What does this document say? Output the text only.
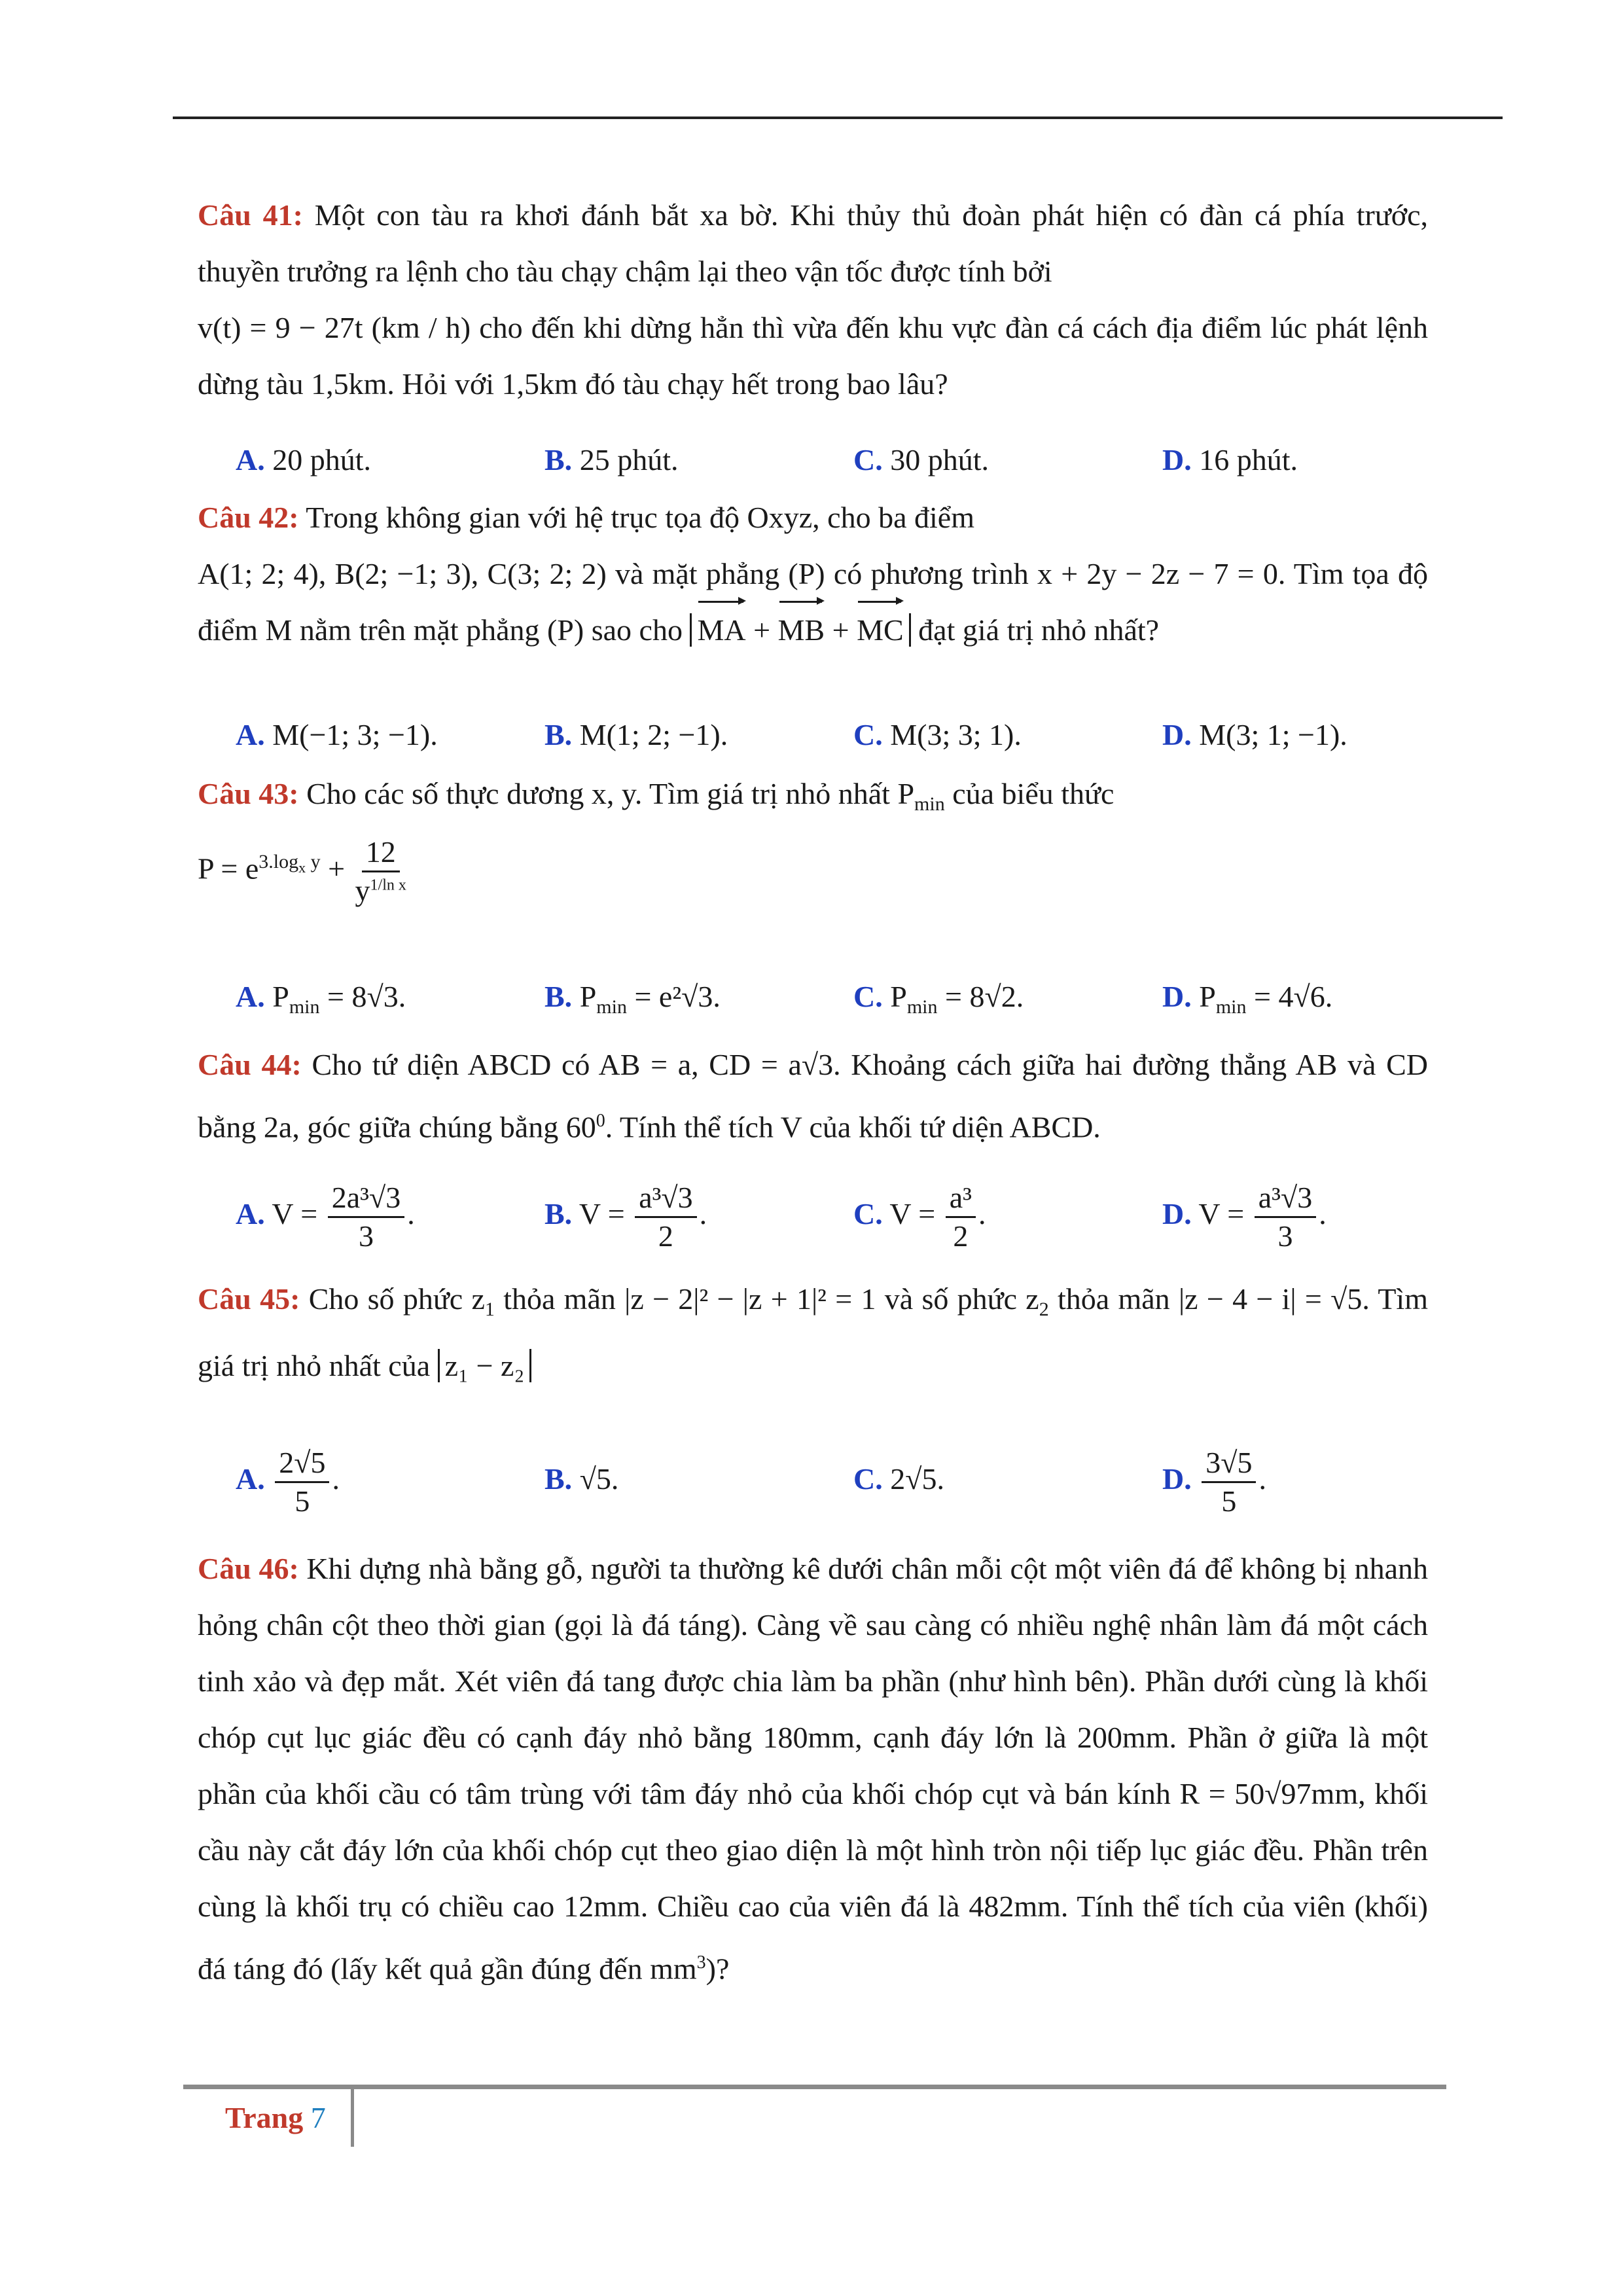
Câu 41: Một con tàu ra khơi đánh bắt xa bờ. Khi thủy thủ đoàn phát hiện có đàn cá phía trước, thuyền trưởng ra lệnh cho tàu chạy chậm lại theo vận tốc được tính bởi
v(t) = 9 − 27t (km / h) cho đến khi dừng hẳn thì vừa đến khu vực đàn cá cách địa điểm lúc phát lệnh dừng tàu 1,5km. Hỏi với 1,5km đó tàu chạy hết trong bao lâu?

A. 20 phút.	B. 25 phút.	C. 30 phút.	D. 16 phút.

Câu 42: Trong không gian với hệ trục tọa độ Oxyz, cho ba điểm
A(1; 2; 4), B(2; −1; 3), C(3; 2; 2) và mặt phẳng (P) có phương trình x + 2y − 2z − 7 = 0. Tìm tọa độ điểm M nằm trên mặt phẳng (P) sao cho MA + MB + MC đạt giá trị nhỏ nhất?

A. M(−1; 3; −1).	B. M(1; 2; −1).	C. M(3; 3; 1).	D. M(3; 1; −1).

Câu 43: Cho các số thực dương x, y. Tìm giá trị nhỏ nhất $P_{min}$ của biểu thức

$P = e^{3.log_x y} + \frac{12}{y^{1/ln x}}$
A. $P_{min} = 8√3$.	B. $P_{min} = e^2√3$.	C. $P_{min} = 8√2$.	D. $P_{min} = 4√6$.

Câu 44: Cho tứ diện ABCD có AB = a, CD = a√3. Khoảng cách giữa hai đường thẳng AB và CD bằng 2a, góc giữa chúng bằng $60^0$. Tính thể tích V của khối tứ diện ABCD.

A. $V = \frac{\text{2a³√3}}{3}$ .	B. $V = \frac{\text{a³√3}}{2}$ .	C. $V = \frac{\text{a³}}{2}$ .	D. $V = \frac{\text{a³√3}}{3}$ .

Câu 45: Cho số phức $z_1$ thỏa mãn |z − 2|² − |z + 1|² = 1 và số phức $z_2$ thỏa mãn |z − 4 − i| = √5. Tìm giá trị nhỏ nhất của z₁ − z₂

A. $\frac{2√5}{5}$ .	B. √5.	C. 2√5.	D. $\frac{3√5}{5}$ .

Câu 46: Khi dựng nhà bằng gỗ, người ta thường kê dưới chân mỗi cột một viên đá để không bị nhanh hỏng chân cột theo thời gian (gọi là đá táng). Càng về sau càng có nhiều nghệ nhân làm đá một cách tinh xảo và đẹp mắt. Xét viên đá tang được chia làm ba phần (như hình bên). Phần dưới cùng là khối chóp cụt lục giác đều có cạnh đáy nhỏ bằng 180mm, cạnh đáy lớn là 200mm. Phần ở giữa là một phần của khối cầu có tâm trùng với tâm đáy nhỏ của khối chóp cụt và bán kính R = 50√97mm, khối cầu này cắt đáy lớn của khối chóp cụt theo giao diện là một hình tròn nội tiếp lục giác đều. Phần trên cùng là khối trụ có chiều cao 12mm. Chiều cao của viên đá là 482mm. Tính thể tích của viên (khối) đá táng đó (lấy kết quả gần đúng đến $mm^3$)?

Trang 7
